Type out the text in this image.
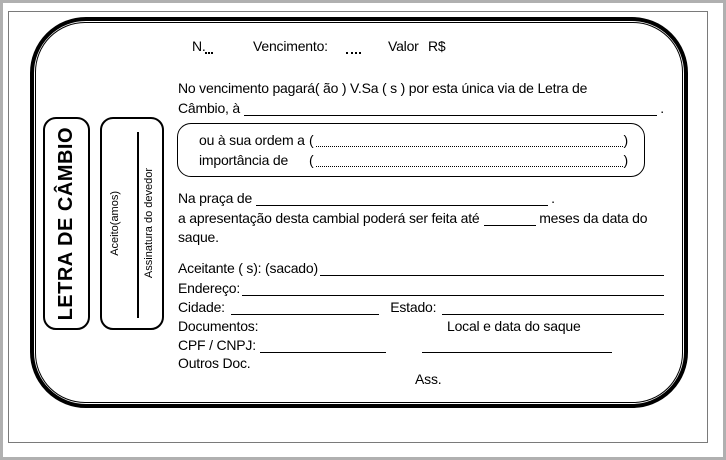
LETRA DE CÂMBIO	Aceito(amos)	Assinatura do devedor
N.	Vencimento:	Valor R$
No vencimento pagará( ão ) V.Sa ( s ) por esta única via de Letra de
Câmbio, à	.
ou à sua ordem a (	)
importância de	(	)
Na praça de	.
a apresentação desta cambial poderá ser feita até	meses da data do
saque.
Aceitante ( s): (sacado)
Endereço:
Cidade:	Estado:
Documentos:	Local e data do saque
CPF / CNPJ:
Outros Doc.
Ass.
